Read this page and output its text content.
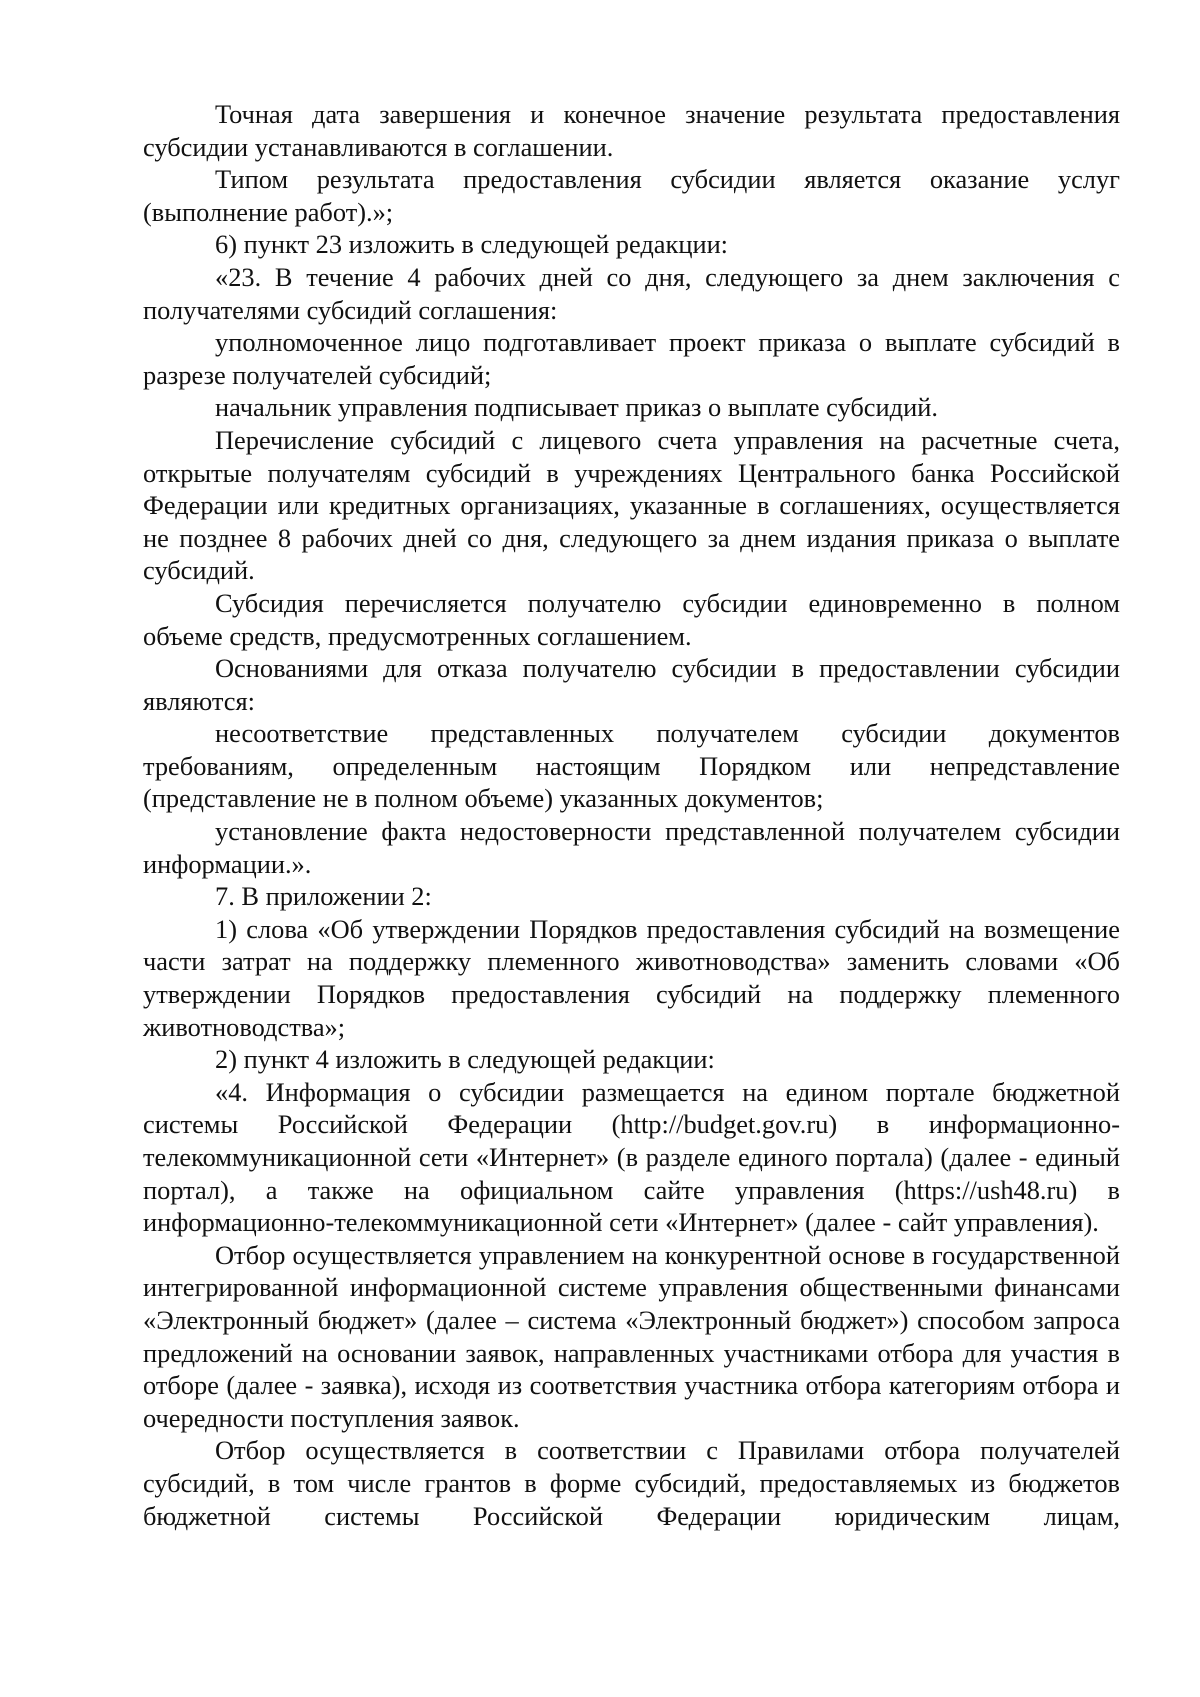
Точная дата завершения и конечное значение результата предоставления субсидии устанавливаются в соглашении.

Типом результата предоставления субсидии является оказание услуг (выполнение работ).»;

6) пункт 23 изложить в следующей редакции:

«23. В течение 4 рабочих дней со дня, следующего за днем заключения с получателями субсидий соглашения:

уполномоченное лицо подготавливает проект приказа о выплате субсидий в разрезе получателей субсидий;

начальник управления подписывает приказ о выплате субсидий.

Перечисление субсидий с лицевого счета управления на расчетные счета, открытые получателям субсидий в учреждениях Центрального банка Российской Федерации или кредитных организациях, указанные в соглашениях, осуществляется не позднее 8 рабочих дней со дня, следующего за днем издания приказа о выплате субсидий.

Субсидия перечисляется получателю субсидии единовременно в полном объеме средств, предусмотренных соглашением.

Основаниями для отказа получателю субсидии в предоставлении субсидии являются:

несоответствие представленных получателем субсидии документов требованиям, определенным настоящим Порядком или непредставление (представление не в полном объеме) указанных документов;

установление факта недостоверности представленной получателем субсидии информации.».

7. В приложении 2:

1) слова «Об утверждении Порядков предоставления субсидий на возмещение части затрат на поддержку племенного животноводства» заменить словами «Об утверждении Порядков предоставления субсидий на поддержку племенного животноводства»;

2) пункт 4 изложить в следующей редакции:

«4. Информация о субсидии размещается на едином портале бюджетной системы Российской Федерации (http://budget.gov.ru) в информационно-телекоммуникационной сети «Интернет» (в разделе единого портала) (далее - единый портал), а также на официальном сайте управления (https://ush48.ru) в информационно-телекоммуникационной сети «Интернет» (далее - сайт управления).

Отбор осуществляется управлением на конкурентной основе в государственной интегрированной информационной системе управления общественными финансами «Электронный бюджет» (далее – система «Электронный бюджет») способом запроса предложений на основании заявок, направленных участниками отбора для участия в отборе (далее - заявка), исходя из соответствия участника отбора категориям отбора и очередности поступления заявок.

Отбор осуществляется в соответствии с Правилами отбора получателей субсидий, в том числе грантов в форме субсидий, предоставляемых из бюджетов бюджетной системы Российской Федерации юридическим лицам,
